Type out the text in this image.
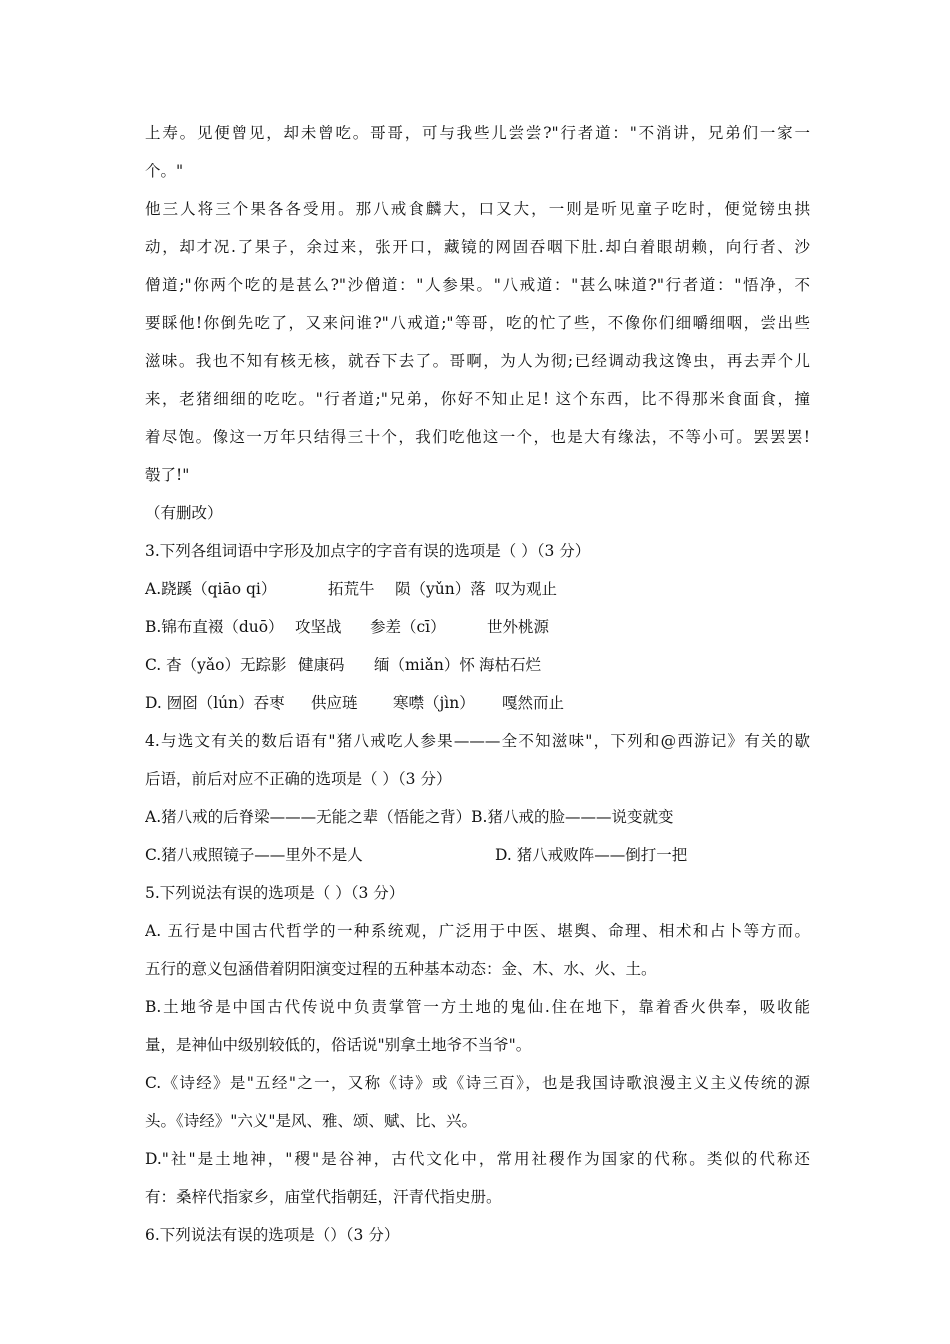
上寿。见便曾见，却未曾吃。哥哥，可与我些儿尝尝?"行者道："不消讲，兄弟们一家一
个。"
他三人将三个果各各受用。那八戒食麟大，口又大，一则是听见童子吃时，便觉镑虫拱
动，却才况.了果子，余过来，张开口，藏镜的网固吞咽下肚.却白着眼胡赖，向行者、沙
僧道;"你两个吃的是甚么?"沙僧道："人参果。"八戒道："甚么味道?"行者道："悟净，不
要睬他!你倒先吃了，又来问谁?"八戒道;"等哥，吃的忙了些，不像你们细嚼细咽，尝出些
滋味。我也不知有核无核，就吞下去了。哥啊，为人为彻;已经调动我这馋虫，再去弄个儿
来，老猪细细的吃吃。"行者道;"兄弟，你好不知止足! 这个东西，比不得那米食面食，撞
着尽饱。像这一万年只结得三十个，我们吃他这一个，也是大有缘法，不等小可。罢罢罢!
彀了!"
（有删改）
3.下列各组词语中字形及加点字的字音有误的选项是（ ）（3 分）
A.跷蹊（qiāo qi）	拓荒牛 陨（yǔn）落 叹为观止
B.锦布直裰（duō） 攻坚战 参差（cī）	世外桃源
C. 杳（yǎo）无踪影 健康码 缅（miǎn）怀 海枯石烂
D. 囫囵（lún）吞枣 供应琏 寒噤（jìn） 嘎然而止
4.与选文有关的数后语有"猪八戒吃人参果———全不知滋味"，下列和@西游记》有关的歇
后语，前后对应不正确的选项是（ ）（3 分）
A.猪八戒的后脊梁———无能之辈（悟能之背）B.猪八戒的脸———说变就变
C.猪八戒照镜子——里外不是人	D. 猪八戒败阵——倒打一把
5.下列说法有误的选项是（ ）（3 分）
A. 五行是中国古代哲学的一种系统观，广泛用于中医、堪舆、命理、相术和占卜等方而。
五行的意义包涵借着阴阳演变过程的五种基本动态：金、木、水、火、土。
B.土地爷是中国古代传说中负责掌管一方土地的鬼仙.住在地下，靠着香火供奉，吸收能
量，是神仙中级别较低的，俗话说"别拿土地爷不当爷"。
C.《诗经》是"五经"之一，又称《诗》或《诗三百》，也是我国诗歌浪漫主义主义传统的源
头。《诗经》"六义"是风、雅、颂、赋、比、兴。
D."社"是土地神，"稷"是谷神，古代文化中，常用社稷作为国家的代称。类似的代称还
有：桑梓代指家乡，庙堂代指朝廷，汗青代指史册。
6.下列说法有误的选项是（）（3 分）
